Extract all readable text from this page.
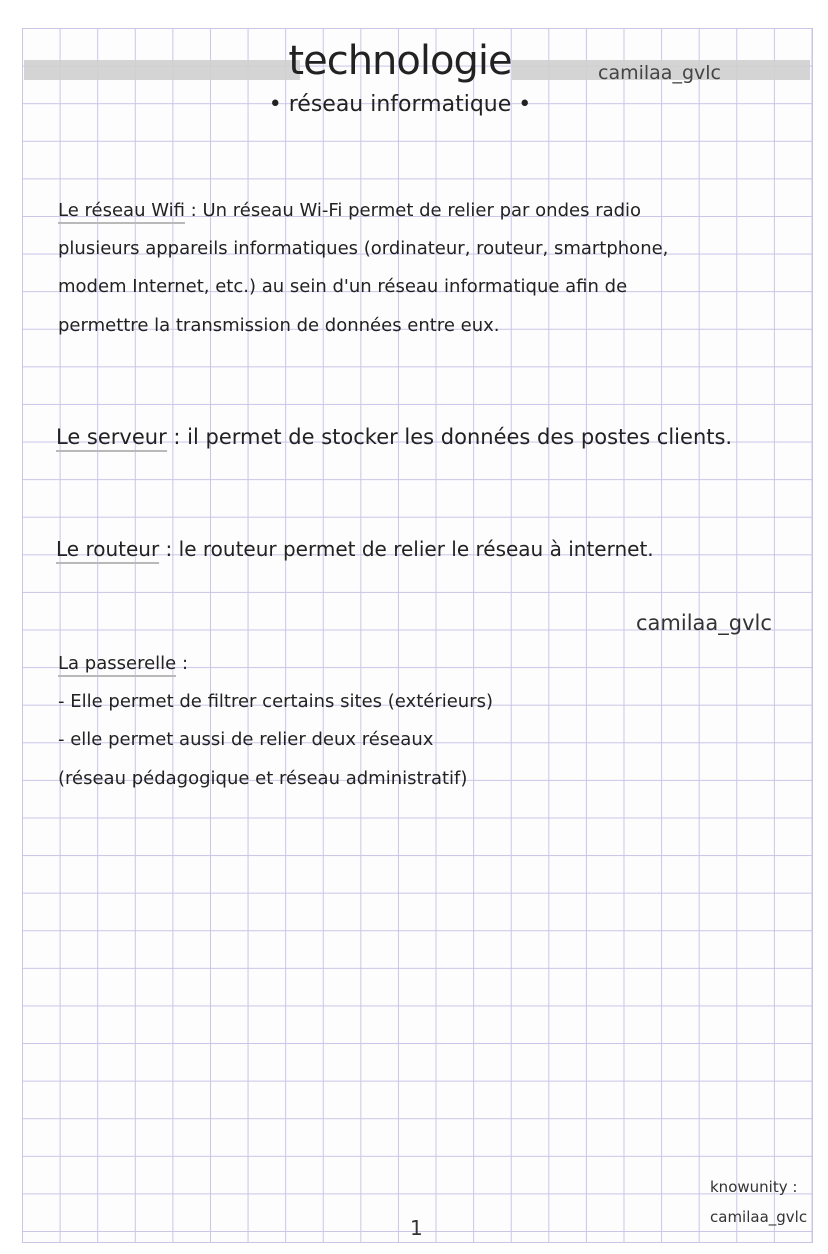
technologie
• réseau informatique •
camilaa_gvlc

Le réseau Wifi : Un réseau Wi-Fi permet de relier par ondes radio

plusieurs appareils informatiques (ordinateur, routeur, smartphone,

modem Internet, etc.) au sein d'un réseau informatique afin de

permettre la transmission de données entre eux.

Le serveur : il permet de stocker les données des postes clients.

Le routeur : le routeur permet de relier le réseau à internet.

camilaa_gvlc

La passerelle :

- Elle permet de filtrer certains sites (extérieurs)

- elle permet aussi de relier deux réseaux

(réseau pédagogique et réseau administratif)

knowunity :
camilaa_gvlc
1
